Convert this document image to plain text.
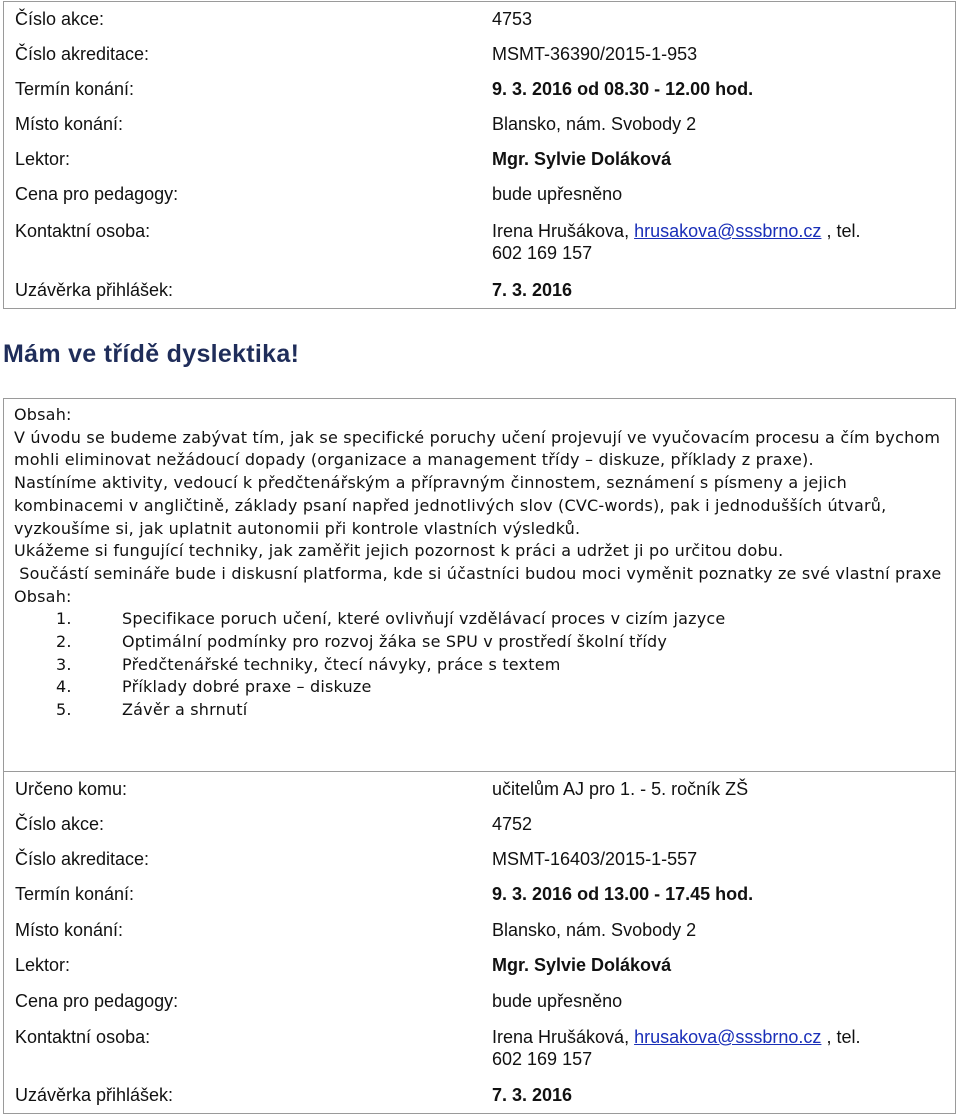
Číslo akce:	4753
Číslo akreditace:	MSMT-36390/2015-1-953
Termín konání:	9. 3. 2016 od 08.30 - 12.00 hod.
Místo konání:	Blansko, nám. Svobody 2
Lektor:	Mgr. Sylvie Doláková
Cena pro pedagogy:	bude upřesněno
Kontaktní osoba:	Irena Hrušákova, hrusakova@sssbrno.cz , tel.
602 169 157
Uzávěrka přihlášek:	7. 3. 2016
Mám ve třídě dyslektika!

Obsah:

V úvodu se budeme zabývat tím, jak se specifické poruchy učení projevují ve vyučovacím procesu a čím bychom mohli eliminovat nežádoucí dopady (organizace a management třídy – diskuze, příklady z praxe).

Nastíníme aktivity, vedoucí k předčtenářským a přípravným činnostem, seznámení s písmeny a jejich kombinacemi v angličtině, základy psaní napřed jednotlivých slov (CVC-words), pak i jednodušších útvarů, vyzkoušíme si, jak uplatnit autonomii při kontrole vlastních výsledků.

Ukážeme si fungující techniky, jak zaměřit jejich pozornost k práci a udržet ji po určitou dobu.

Součástí semináře bude i diskusní platforma, kde si účastníci budou moci vyměnit poznatky ze své vlastní praxe

Obsah:

1.	Specifikace poruch učení, které ovlivňují vzdělávací proces v cizím jazyce
2.	Optimální podmínky pro rozvoj žáka se SPU v prostředí školní třídy
3.	Předčtenářské techniky, čtecí návyky, práce s textem
4.	Příklady dobré praxe – diskuze
5.	Závěr a shrnutí
Určeno komu:	učitelům AJ pro 1. - 5. ročník ZŠ
Číslo akce:	4752
Číslo akreditace:	MSMT-16403/2015-1-557
Termín konání:	9. 3. 2016 od 13.00 - 17.45 hod.
Místo konání:	Blansko, nám. Svobody 2
Lektor:	Mgr. Sylvie Doláková
Cena pro pedagogy:	bude upřesněno
Kontaktní osoba:	Irena Hrušáková, hrusakova@sssbrno.cz , tel.
602 169 157
Uzávěrka přihlášek:	7. 3. 2016
